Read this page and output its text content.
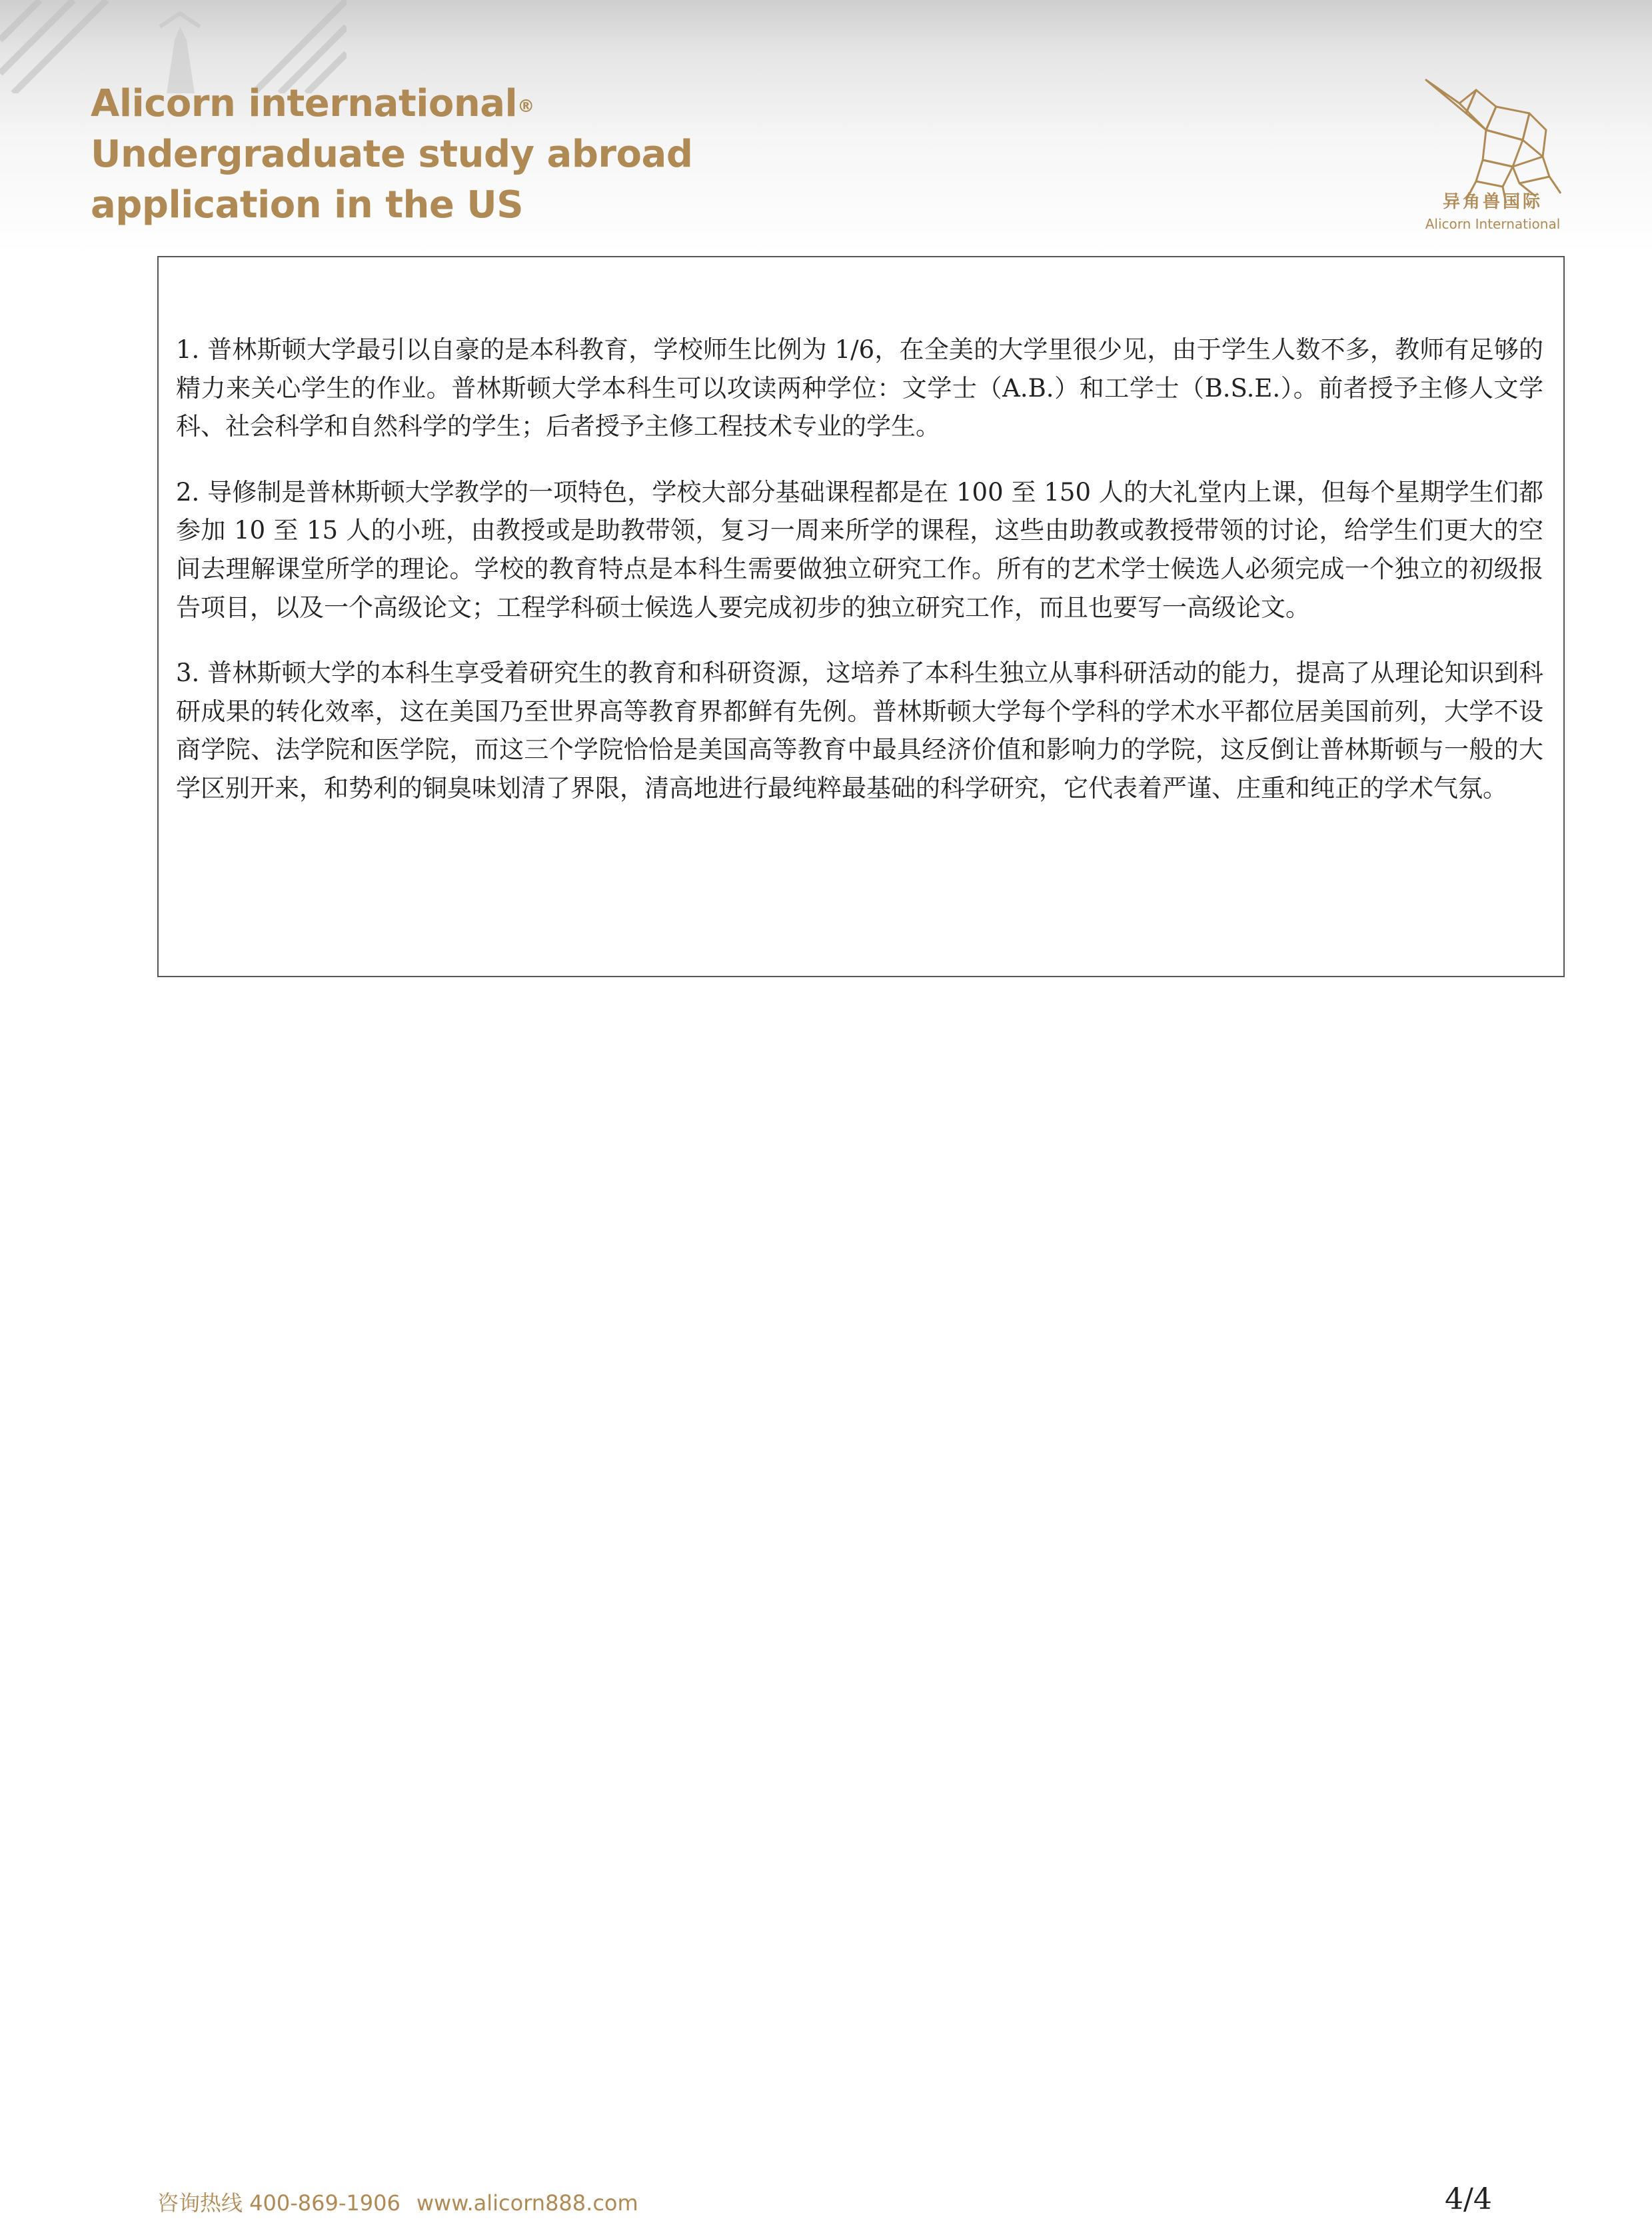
Alicorn international®
Undergraduate study abroad
application in the US	异角兽国际
Alicorn International

1. 普林斯顿大学最引以自豪的是本科教育，学校师生比例为 1/6，在全美的大学里很少见，由于学生人数不多，教师有足够的精力来关心学生的作业。普林斯顿大学本科生可以攻读两种学位：文学士（A.B.）和工学士（B.S.E.）。前者授予主修人文学科、社会科学和自然科学的学生；后者授予主修工程技术专业的学生。

2. 导修制是普林斯顿大学教学的一项特色，学校大部分基础课程都是在 100 至 150 人的大礼堂内上课，但每个星期学生们都参加 10 至 15 人的小班，由教授或是助教带领，复习一周来所学的课程，这些由助教或教授带领的讨论，给学生们更大的空间去理解课堂所学的理论。学校的教育特点是本科生需要做独立研究工作。所有的艺术学士候选人必须完成一个独立的初级报告项目，以及一个高级论文；工程学科硕士候选人要完成初步的独立研究工作，而且也要写一高级论文。

3. 普林斯顿大学的本科生享受着研究生的教育和科研资源，这培养了本科生独立从事科研活动的能力，提高了从理论知识到科研成果的转化效率，这在美国乃至世界高等教育界都鲜有先例。普林斯顿大学每个学科的学术水平都位居美国前列，大学不设商学院、法学院和医学院，而这三个学院恰恰是美国高等教育中最具经济价值和影响力的学院，这反倒让普林斯顿与一般的大学区别开来，和势利的铜臭味划清了界限，清高地进行最纯粹最基础的科学研究，它代表着严谨、庄重和纯正的学术气氛。

咨询热线 400-869-1906 www.alicorn888.com	4/4
